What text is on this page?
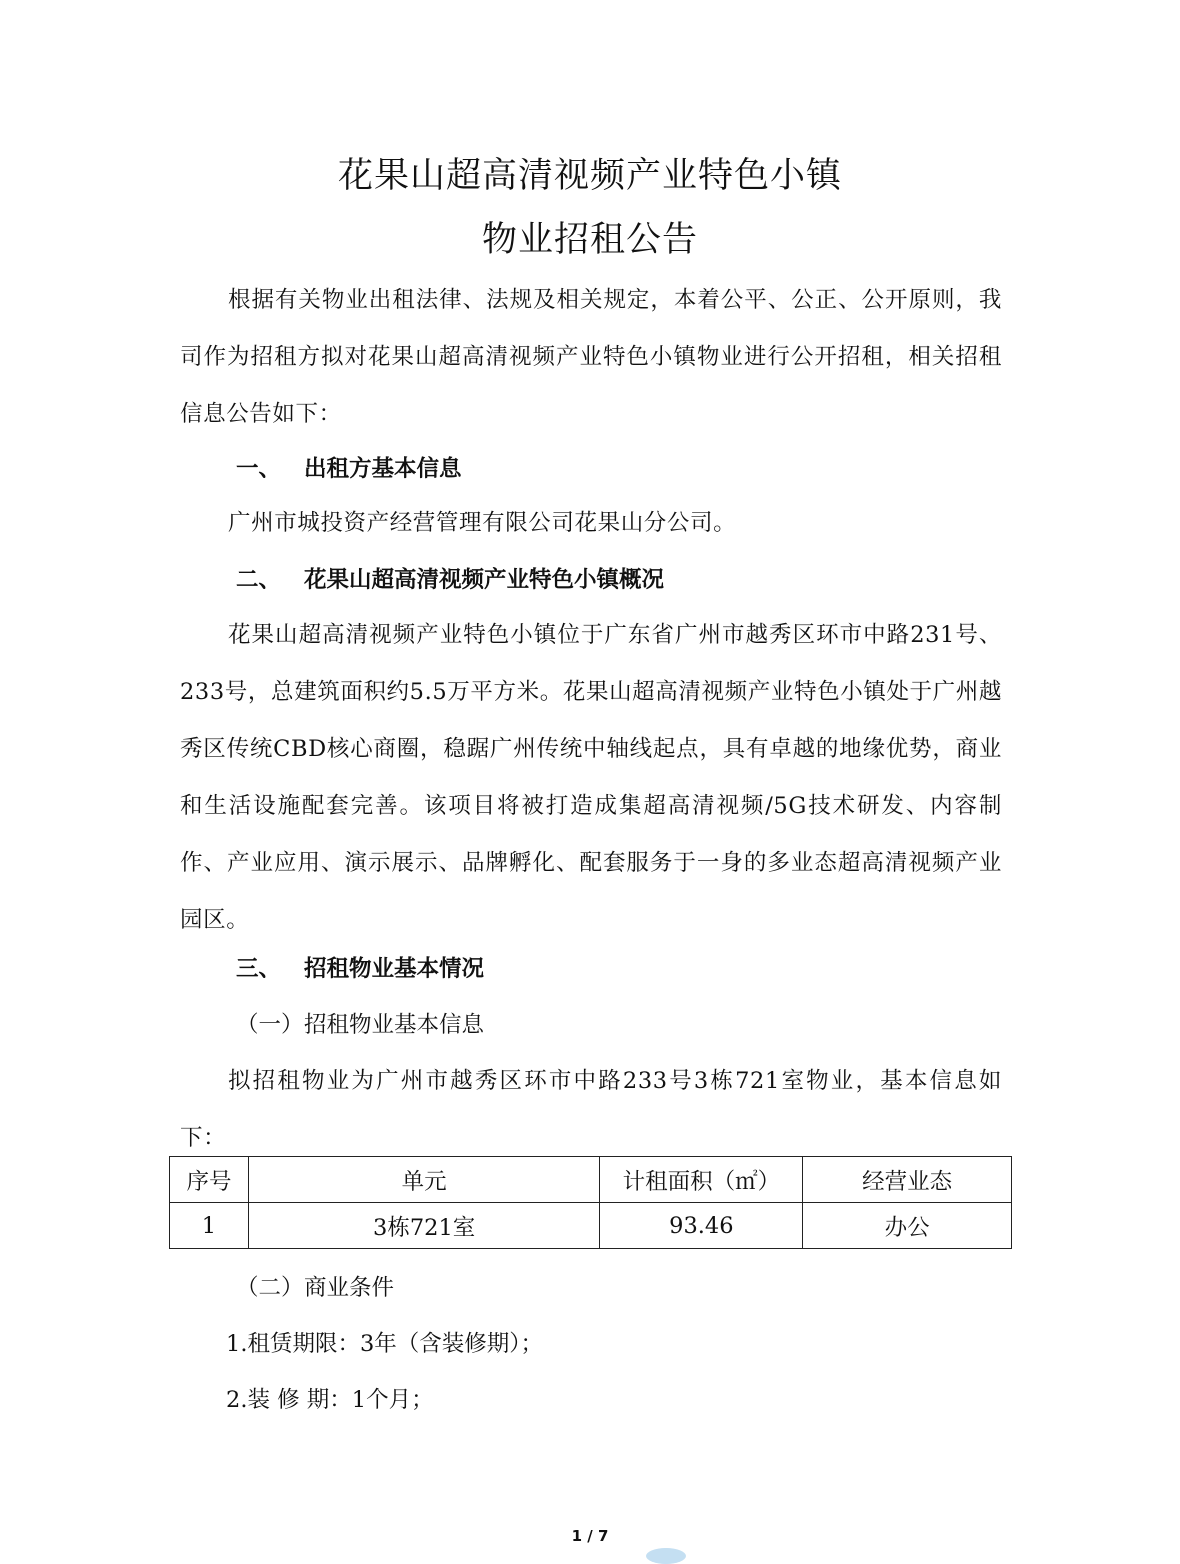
花果山超高清视频产业特色小镇
物业招租公告

根据有关物业出租法律、法规及相关规定，本着公平、公正、公开原则，我司作为招租方拟对花果山超高清视频产业特色小镇物业进行公开招租，相关招租信息公告如下：

一、 出租方基本信息

广州市城投资产经营管理有限公司花果山分公司。

二、 花果山超高清视频产业特色小镇概况

花果山超高清视频产业特色小镇位于广东省广州市越秀区环市中路231号、233号，总建筑面积约5.5万平方米。花果山超高清视频产业特色小镇处于广州越秀区传统CBD核心商圈，稳踞广州传统中轴线起点，具有卓越的地缘优势，商业和生活设施配套完善。该项目将被打造成集超高清视频/5G技术研发、内容制作、产业应用、演示展示、品牌孵化、配套服务于一身的多业态超高清视频产业园区。

三、 招租物业基本情况
（一）招租物业基本信息

拟招租物业为广州市越秀区环市中路233号3栋721室物业，基本信息如下：

序号	单元	计租面积（㎡）	经营业态
1	3栋721室	93.46	办公
（二）商业条件
1.租赁期限：3年（含装修期）；
2.装 修 期：1个月；
1 / 7
